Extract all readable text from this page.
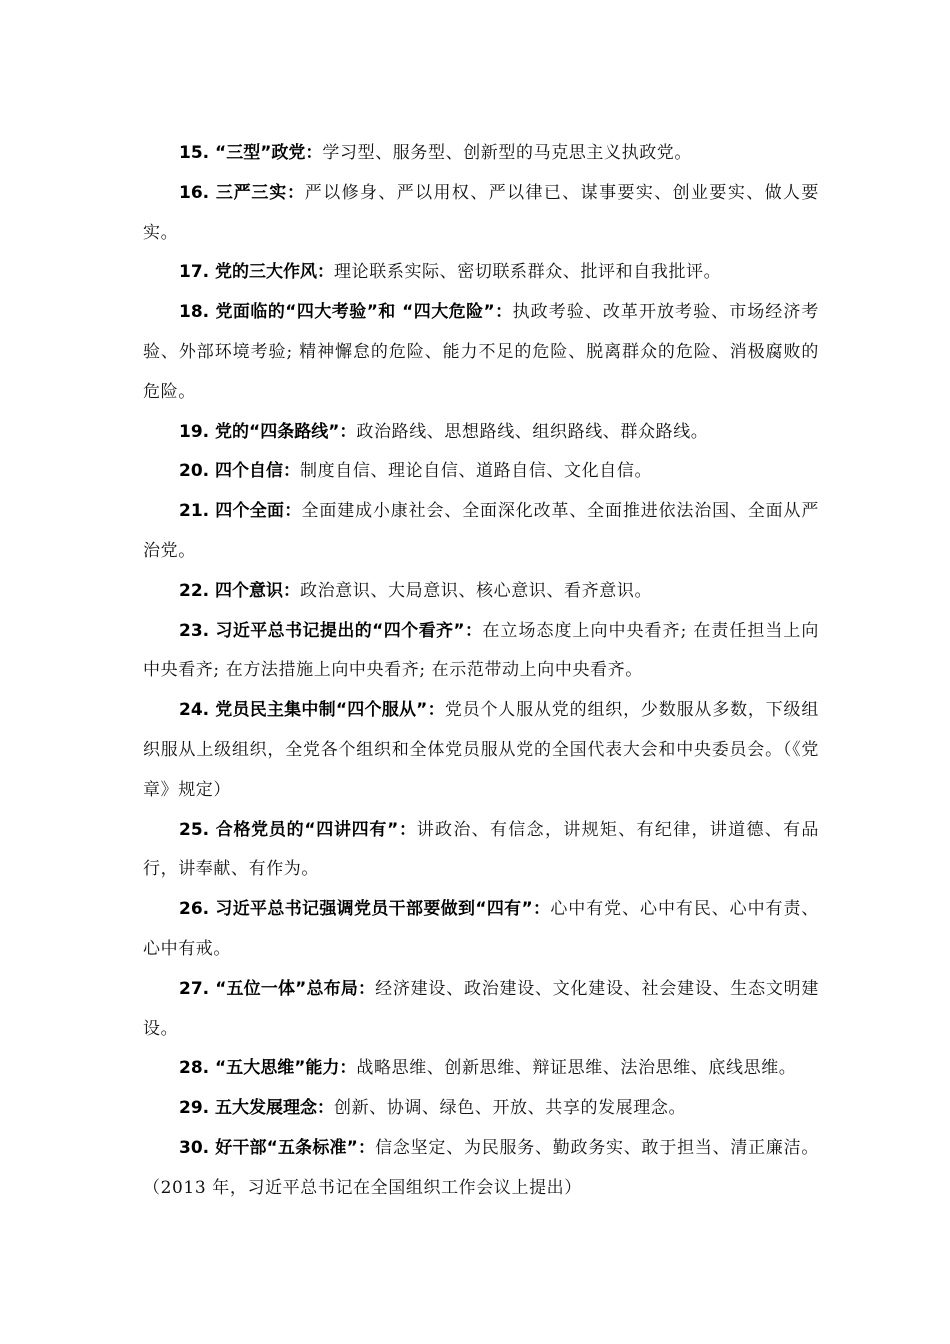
15. “三型”政党：学习型、服务型、创新型的马克思主义执政党。

16. 三严三实：严以修身、严以用权、严以律已、谋事要实、创业要实、做人要实。

17. 党的三大作风：理论联系实际、密切联系群众、批评和自我批评。

18. 党面临的“四大考验”和 “四大危险”：执政考验、改革开放考验、市场经济考验、外部环境考验; 精神懈怠的危险、能力不足的危险、脱离群众的危险、消极腐败的危险。

19. 党的“四条路线”：政治路线、思想路线、组织路线、群众路线。

20. 四个自信：制度自信、理论自信、道路自信、文化自信。

21. 四个全面：全面建成小康社会、全面深化改革、全面推进依法治国、全面从严治党。

22. 四个意识：政治意识、大局意识、核心意识、看齐意识。

23. 习近平总书记提出的“四个看齐”：在立场态度上向中央看齐; 在责任担当上向中央看齐; 在方法措施上向中央看齐; 在示范带动上向中央看齐。

24. 党员民主集中制“四个服从”：党员个人服从党的组织，少数服从多数，下级组织服从上级组织，全党各个组织和全体党员服从党的全国代表大会和中央委员会。（《党章》规定）

25. 合格党员的“四讲四有”：讲政治、有信念，讲规矩、有纪律，讲道德、有品行，讲奉献、有作为。

26. 习近平总书记强调党员干部要做到“四有”：心中有党、心中有民、心中有责、心中有戒。

27. “五位一体”总布局：经济建设、政治建设、文化建设、社会建设、生态文明建设。

28. “五大思维”能力：战略思维、创新思维、辩证思维、法治思维、底线思维。

29. 五大发展理念：创新、协调、绿色、开放、共享的发展理念。

30. 好干部“五条标准”：信念坚定、为民服务、勤政务实、敢于担当、清正廉洁。（2013 年，习近平总书记在全国组织工作会议上提出）
